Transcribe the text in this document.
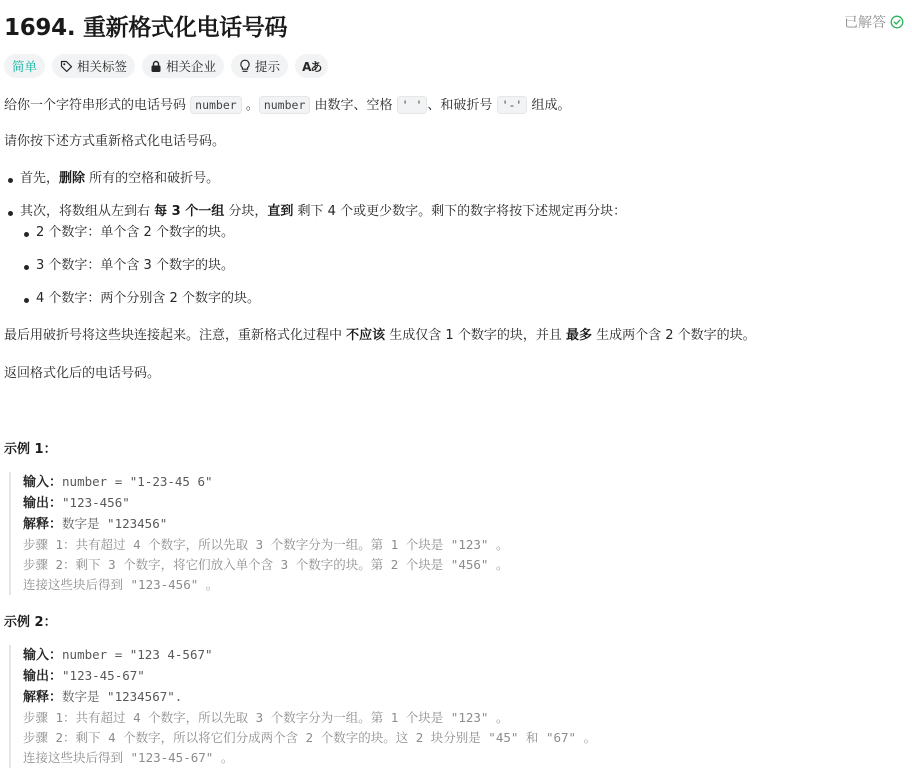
1694. 重新格式化电话号码	已解答
简单	相关标签	相关企业	提示 Aあ
给你一个字符串形式的电话号码 number 。 number 由数字、空格 ' ' 、和破折号 '-' 组成。
请你按下述方式重新格式化电话号码。
首先，删除 所有的空格和破折号。
其次，将数组从左到右 每 3 个一组 分块，直到 剩下 4 个或更少数字。剩下的数字将按下述规定再分块：
2 个数字：单个含 2 个数字的块。
3 个数字：单个含 3 个数字的块。
4 个数字：两个分别含 2 个数字的块。
最后用破折号将这些块连接起来。注意，重新格式化过程中 不应该 生成仅含 1 个数字的块，并且 最多 生成两个含 2 个数字的块。
返回格式化后的电话号码。
示例 1：
输入：number = "1-23-45 6"
输出："123-456"
解释：数字是 "123456"
步骤 1：共有超过 4 个数字，所以先取 3 个数字分为一组。第 1 个块是 "123" 。
步骤 2：剩下 3 个数字，将它们放入单个含 3 个数字的块。第 2 个块是 "456" 。
连接这些块后得到 "123-456" 。
示例 2：
输入：number = "123 4-567"
输出："123-45-67"
解释：数字是 "1234567".
步骤 1：共有超过 4 个数字，所以先取 3 个数字分为一组。第 1 个块是 "123" 。
步骤 2：剩下 4 个数字，所以将它们分成两个含 2 个数字的块。这 2 块分别是 "45" 和 "67" 。
连接这些块后得到 "123-45-67" 。
